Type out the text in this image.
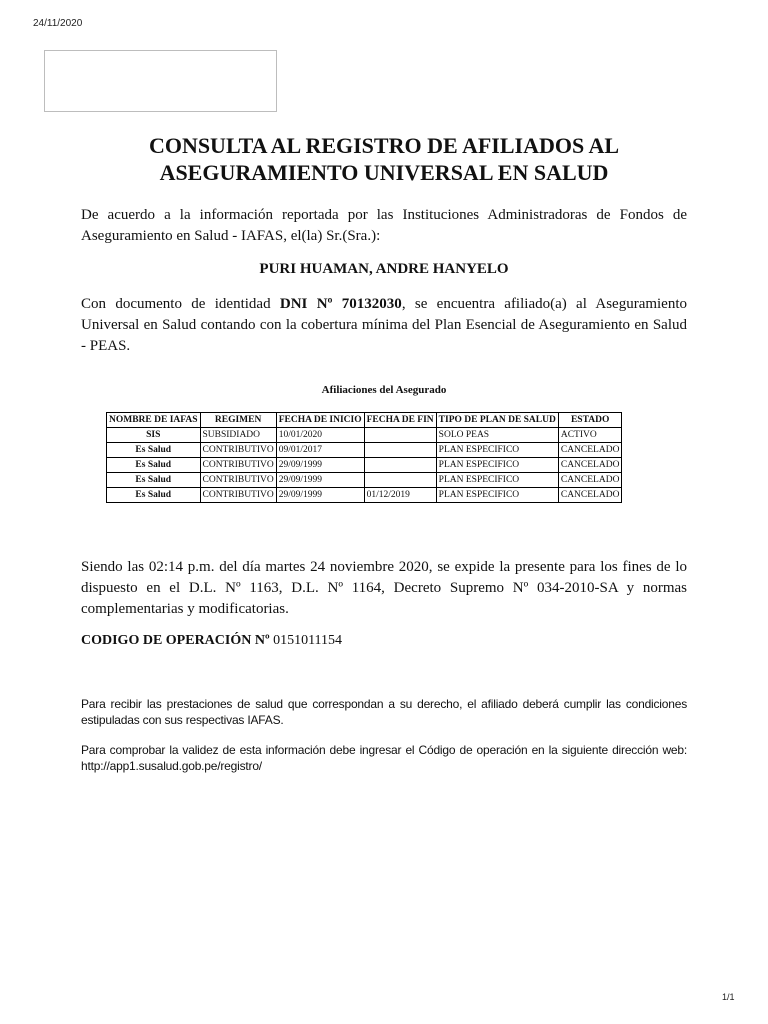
24/11/2020
CONSULTA AL REGISTRO DE AFILIADOS AL
ASEGURAMIENTO UNIVERSAL EN SALUD

De acuerdo a la información reportada por las Instituciones Administradoras de Fondos de Aseguramiento en Salud - IAFAS, el(la) Sr.(Sra.):

PURI HUAMAN, ANDRE HANYELO

Con documento de identidad DNI Nº 70132030, se encuentra afiliado(a) al Aseguramiento Universal en Salud contando con la cobertura mínima del Plan Esencial de Aseguramiento en Salud - PEAS.

Afiliaciones del Asegurado

NOMBRE DE IAFAS	REGIMEN	FECHA DE INICIO	FECHA DE FIN	TIPO DE PLAN DE SALUD	ESTADO
SIS	SUBSIDIADO	10/01/2020		SOLO PEAS	ACTIVO
Es Salud	CONTRIBUTIVO	09/01/2017		PLAN ESPECIFICO	CANCELADO
Es Salud	CONTRIBUTIVO	29/09/1999		PLAN ESPECIFICO	CANCELADO
Es Salud	CONTRIBUTIVO	29/09/1999		PLAN ESPECIFICO	CANCELADO
Es Salud	CONTRIBUTIVO	29/09/1999	01/12/2019	PLAN ESPECIFICO	CANCELADO

Siendo las 02:14 p.m. del día martes 24 noviembre 2020, se expide la presente para los fines de lo dispuesto en el D.L. Nº 1163, D.L. Nº 1164, Decreto Supremo Nº 034-2010-SA y normas complementarias y modificatorias.

CODIGO DE OPERACIÓN Nº 0151011154

Para recibir las prestaciones de salud que correspondan a su derecho, el afiliado deberá cumplir las condiciones estipuladas con sus respectivas IAFAS.

Para comprobar la validez de esta información debe ingresar el Código de operación en la siguiente dirección web: http://app1.susalud.gob.pe/registro/

1/1
